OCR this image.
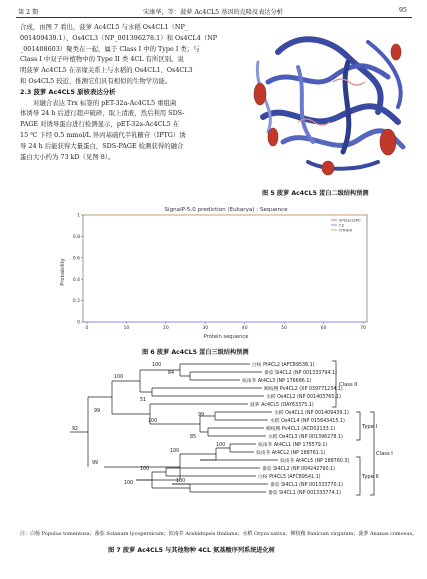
第 2 期	宋康华，等：菠萝 Ac4CL5 基因的克隆及表达分析	95
合成，由图 7 看出，菠萝 Ac4CL5 与水稻 Os4CL1（NP_
001409439.1）、Os4CL3（NP_001396278.1）和 Os4CL4（NP
_001408603）聚类在一起，属于 Class I 中的 Type I 类；与
Class I 中双子叶植物中的 Type II 类 4CL 有所区别。说
明菠萝 Ac4CL5 在亲缘关系上与水稻的 Os4CL1、Os4CL3
和 Os4CL5 较近，推测它们具有相似的生物学功能。
2.3 菠萝 Ac4CL5 原核表达分析
对融合表达 Trx 标签的 pET-32a-Ac4CL5 重组菌
体诱导 24 h 后进行超声破碎，取上清液，然后利用 SDS-
PAGE 对诱导蛋白进行检测显示，pET-32a-Ac4CL5 在
15 ℃ 下经 0.5 mmol/L 异丙基硫代半乳糖苷（IPTG）诱
导 24 h 后能获得大量蛋白，SDS-PAGE 检测获得的融合
蛋白大小约为 73 kD（见图 8）。
图 5 菠萝 Ac4CL5 蛋白二级结构预测
SignalP-5.0 prediction (Eukarya) : Sequence
Probability
Protein sequence
0
0.2
0.4
0.6
0.8
1
0	10	20	30	40	50	60	70
SP(Sec/SPI)
CS
OTHER
图 6 菠萝 Ac4CL5 蛋白三级结构预测
84
100
100
51
92
99
100
85
99
100
100
99
100
100
100
白杨 Pt4CL2 (AFC89538.1)
番茄 Sl4CL2 (NP 001333794.1)
拟南芥 At4CL3 (NP 176686.1)
柳枝稷 Pv4CL2 (XP 039771234.1)
水稻 Os4CL2 (NP 001403765.1)
菠萝 Ac4CL5 (OAY63375.1)
水稻 Os4CL1 (NP 001409439.1)
水稻 Os4CL4 (NP 015643415.1)
柳枝稷 Pv4CL1 (ACD02133.1)
水稻 Os4CL3 (NP 001396278.1)
拟南芥 At4CL1 (NP 175579.1)
拟南芥 At4CL2 (NP 188761.1)
拟南芥 At4CL5 (NP 188760.3)
番茄 Sl4CL2 (NP 004242790.1)
白杨 Pt4CL5 (AFC89541.1)
番茄 Sl4CL1 (NP 001333770.1)
番茄 Sl4CL1 (NP 001333774.1)
Class II
Type I
Class I
Type II
注：白杨 Populus tomentosa；番茄 Solanum lycopersicum；拟南芥 Arabidopsis thaliana；水稻 Oryza sativa；柳枝稷 Panicum virgatum；菠萝 Ananas comosus。
图 7 菠萝 Ac4CL5 与其他物种 4CL 氨基酸序列系统进化树
